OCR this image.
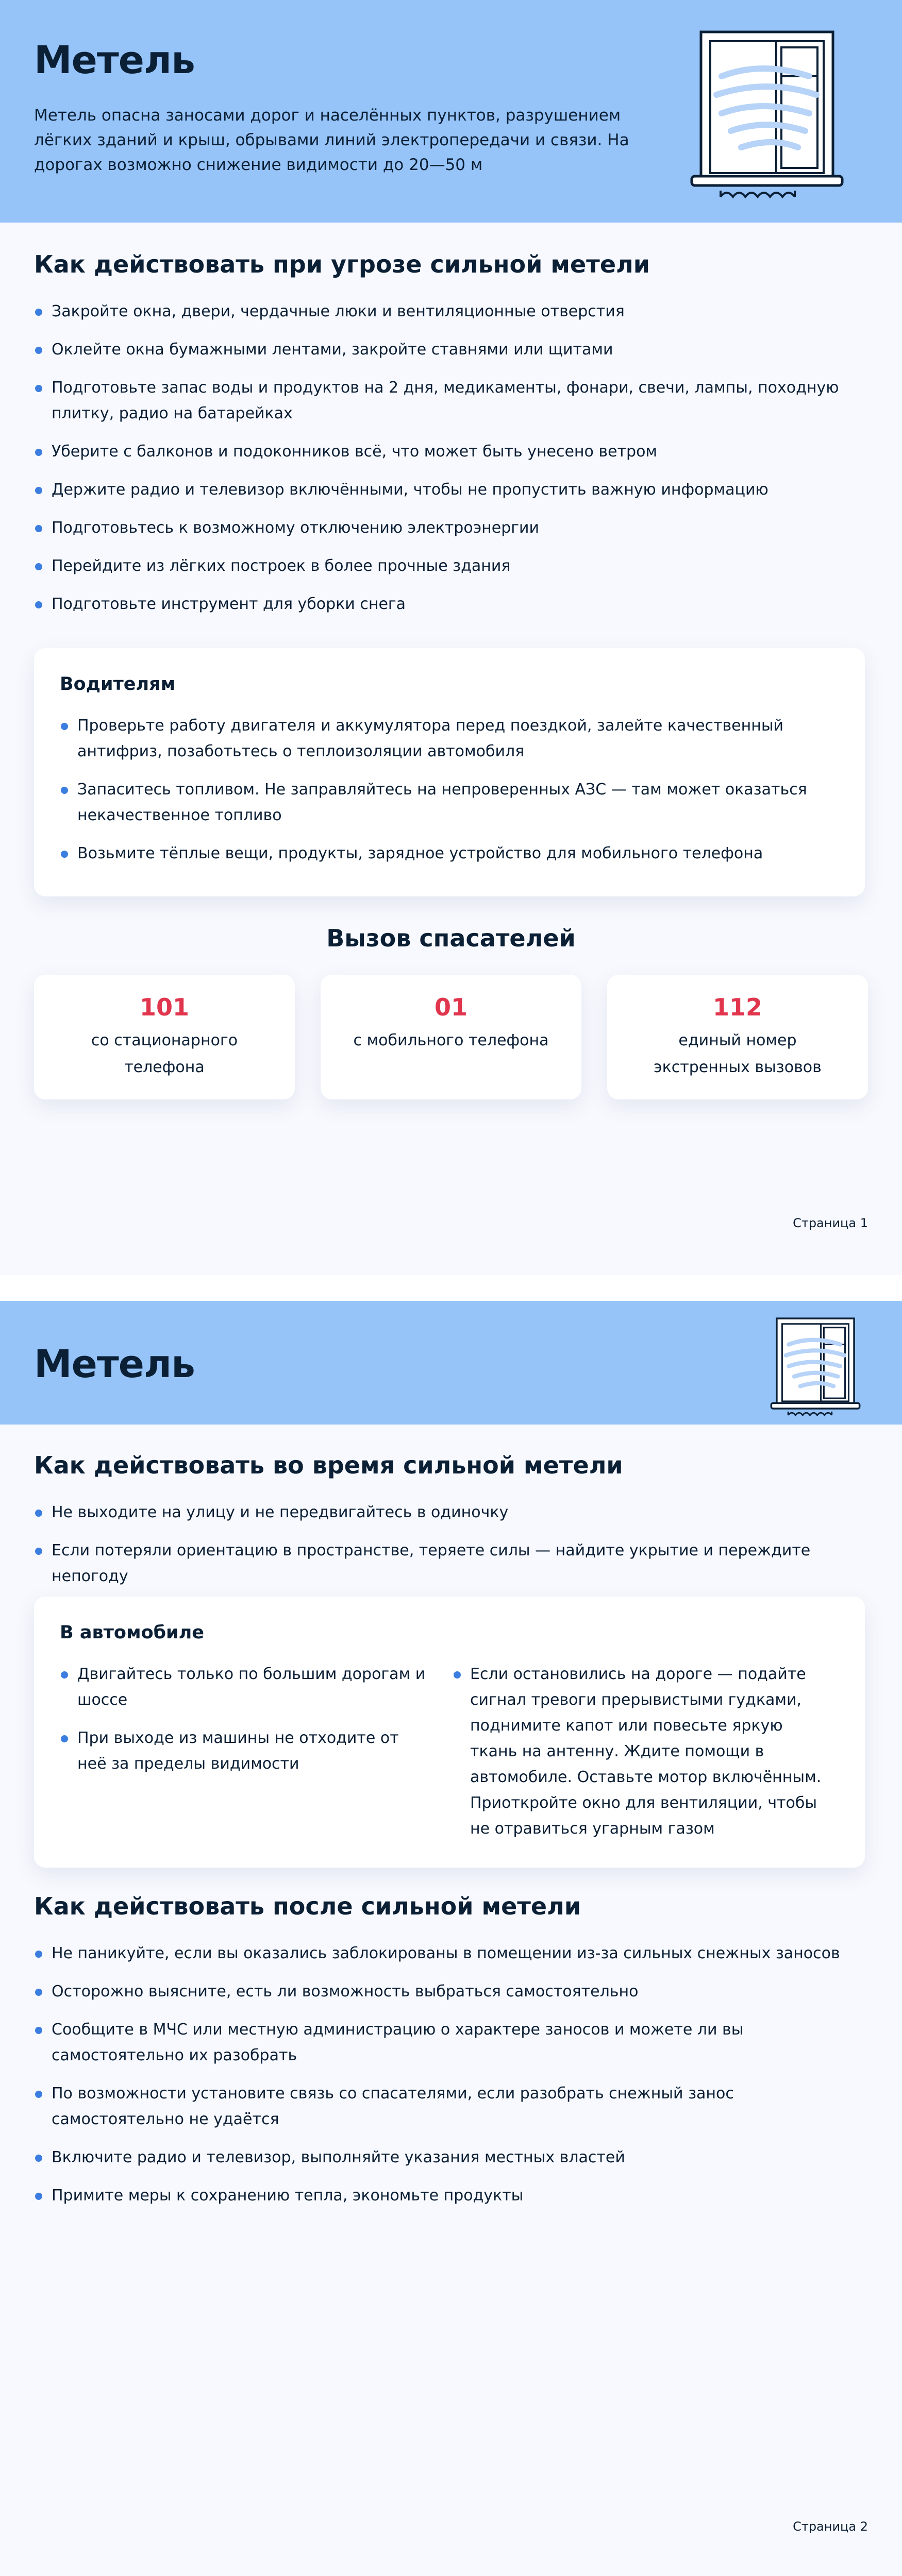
Метель

Метель опасна заносами дорог и населённых пунктов, разрушением лёгких зданий и крыш, обрывами линий электропередачи и связи. На дорогах возможно снижение видимости до 20—50 м

Как действовать при угрозе сильной метели
Закройте окна, двери, чердачные люки и вентиляционные отверстия
Оклейте окна бумажными лентами, закройте ставнями или щитами
Подготовьте запас воды и продуктов на 2 дня, медикаменты, фонари, свечи, лампы, походную плитку, радио на батарейках
Уберите с балконов и подоконников всё, что может быть унесено ветром
Держите радио и телевизор включёнными, чтобы не пропустить важную информацию
Подготовьтесь к возможному отключению электроэнергии
Перейдите из лёгких построек в более прочные здания
Подготовьте инструмент для уборки снега
Водителям
Проверьте работу двигателя и аккумулятора перед поездкой, залейте качественный антифриз, позаботьтесь о теплоизоляции автомобиля
Запаситесь топливом. Не заправляйтесь на непроверенных АЗС — там может оказаться некачественное топливо
Возьмите тёплые вещи, продукты, зарядное устройство для мобильного телефона
Вызов спасателей
101
со стационарного телефона
01
с мобильного телефона
112
единый номер экстренных вызовов

Страница 1

Метель
Как действовать во время сильной метели
Не выходите на улицу и не передвигайтесь в одиночку
Если потеряли ориентацию в пространстве, теряете силы — найдите укрытие и переждите непогоду
В автомобиле
Двигайтесь только по большим дорогам и шоссе
При выходе из машины не отходите от неё за пределы видимости
Если остановились на дороге — подайте сигнал тревоги прерывистыми гудками, поднимите капот или повесьте яркую ткань на антенну. Ждите помощи в автомобиле. Оставьте мотор включённым. Приоткройте окно для вентиляции, чтобы не отравиться угарным газом
Как действовать после сильной метели
Не паникуйте, если вы оказались заблокированы в помещении из-за сильных снежных заносов
Осторожно выясните, есть ли возможность выбраться самостоятельно
Сообщите в МЧС или местную администрацию о характере заносов и можете ли вы самостоятельно их разобрать
По возможности установите связь со спасателями, если разобрать снежный занос самостоятельно не удаётся
Включите радио и телевизор, выполняйте указания местных властей
Примите меры к сохранению тепла, экономьте продукты

Страница 2
